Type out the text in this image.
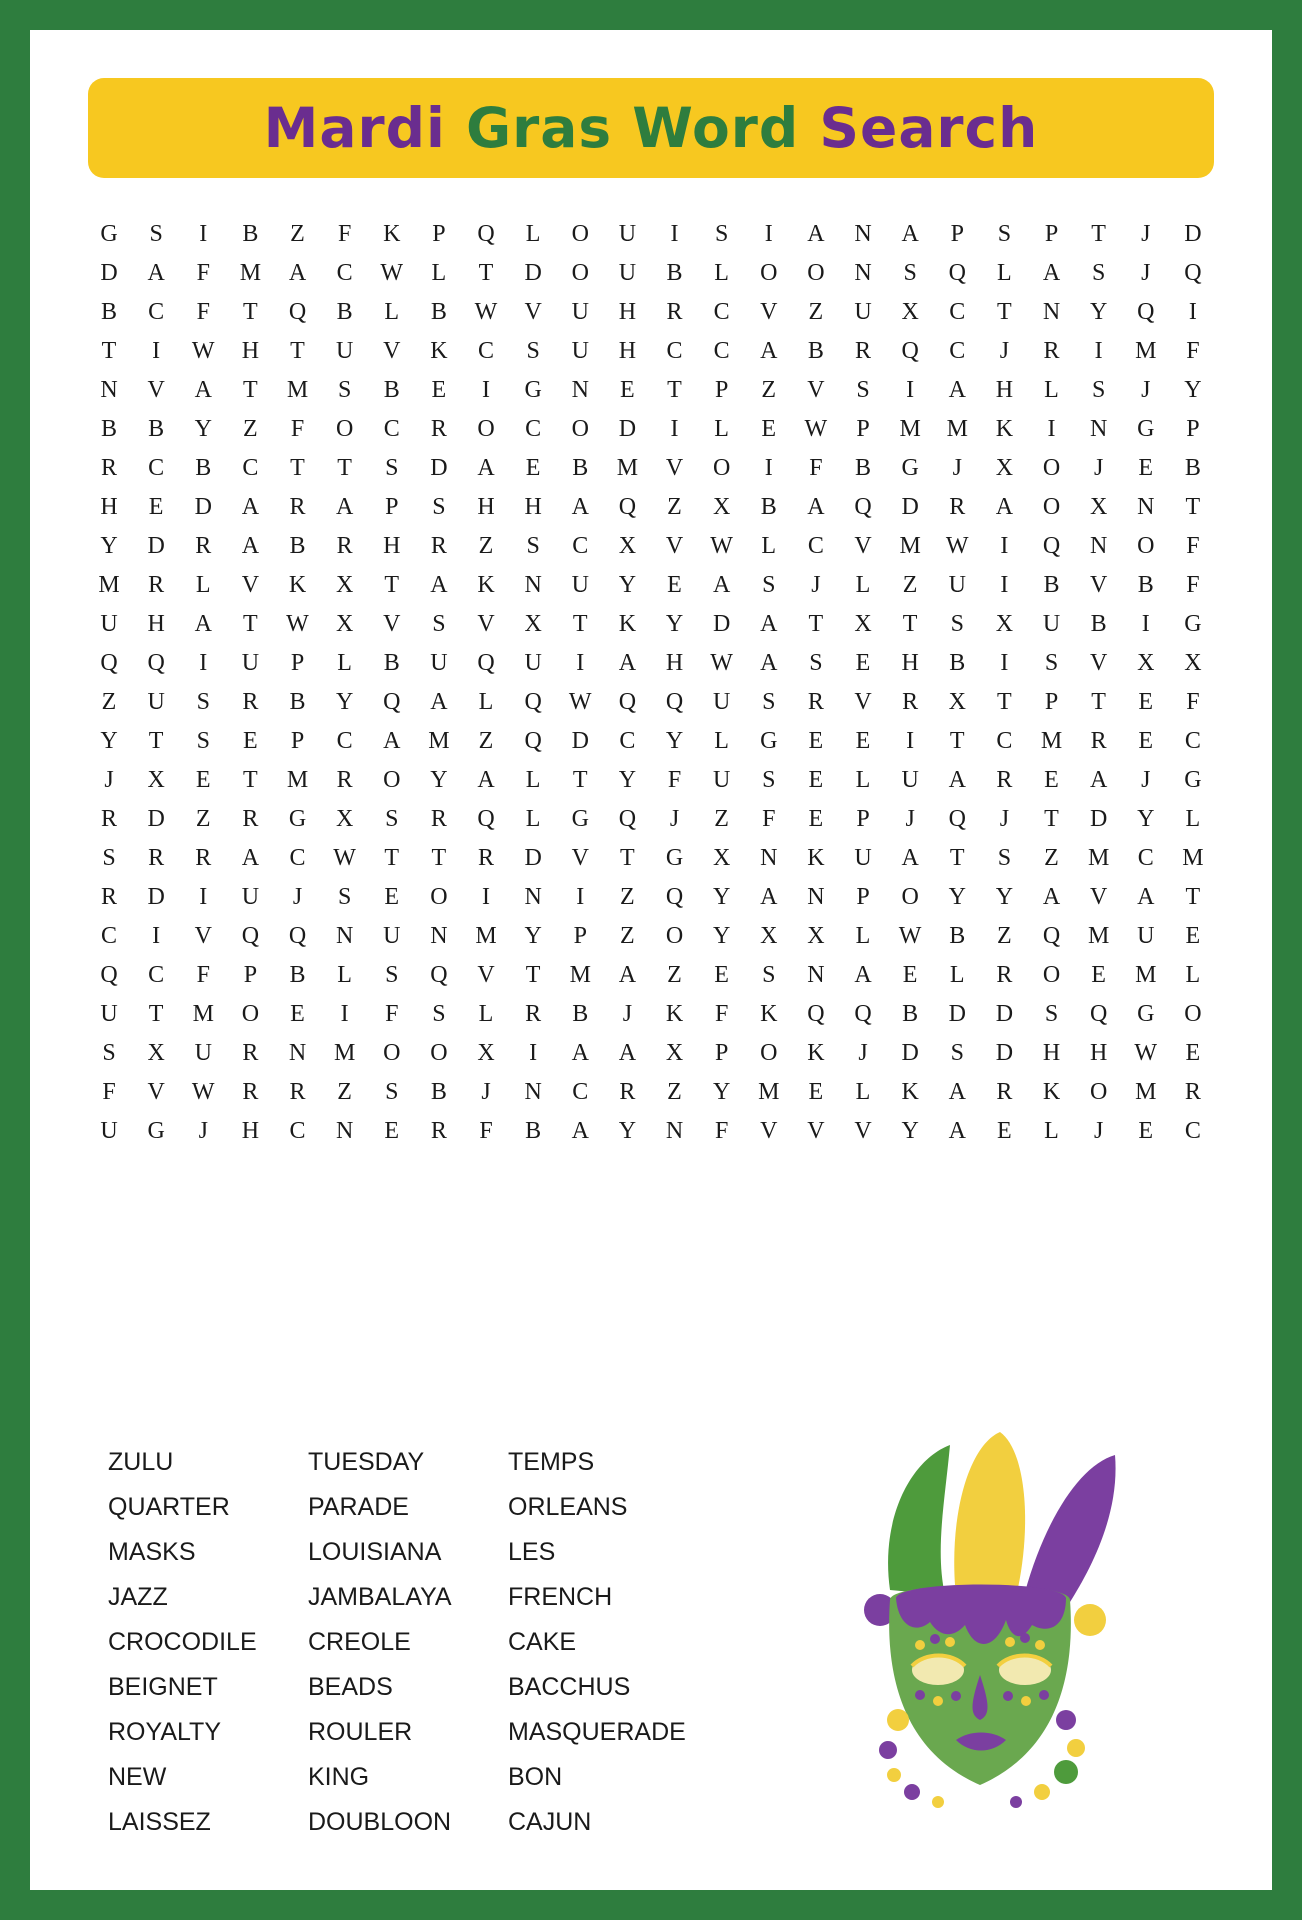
Mardi Gras Word Search
G	S	I	B	Z	F	K	P	Q	L	O	U	I	S	I	A	N	A	P	S	P	T	J	D
D	A	F	M	A	C	W	L	T	D	O	U	B	L	O	O	N	S	Q	L	A	S	J	Q
B	C	F	T	Q	B	L	B	W	V	U	H	R	C	V	Z	U	X	C	T	N	Y	Q	I
T	I	W	H	T	U	V	K	C	S	U	H	C	C	A	B	R	Q	C	J	R	I	M	F
N	V	A	T	M	S	B	E	I	G	N	E	T	P	Z	V	S	I	A	H	L	S	J	Y
B	B	Y	Z	F	O	C	R	O	C	O	D	I	L	E	W	P	M	M	K	I	N	G	P
R	C	B	C	T	T	S	D	A	E	B	M	V	O	I	F	B	G	J	X	O	J	E	B
H	E	D	A	R	A	P	S	H	H	A	Q	Z	X	B	A	Q	D	R	A	O	X	N	T
Y	D	R	A	B	R	H	R	Z	S	C	X	V	W	L	C	V	M	W	I	Q	N	O	F
M	R	L	V	K	X	T	A	K	N	U	Y	E	A	S	J	L	Z	U	I	B	V	B	F
U	H	A	T	W	X	V	S	V	X	T	K	Y	D	A	T	X	T	S	X	U	B	I	G
Q	Q	I	U	P	L	B	U	Q	U	I	A	H	W	A	S	E	H	B	I	S	V	X	X
Z	U	S	R	B	Y	Q	A	L	Q	W	Q	Q	U	S	R	V	R	X	T	P	T	E	F
Y	T	S	E	P	C	A	M	Z	Q	D	C	Y	L	G	E	E	I	T	C	M	R	E	C
J	X	E	T	M	R	O	Y	A	L	T	Y	F	U	S	E	L	U	A	R	E	A	J	G
R	D	Z	R	G	X	S	R	Q	L	G	Q	J	Z	F	E	P	J	Q	J	T	D	Y	L
S	R	R	A	C	W	T	T	R	D	V	T	G	X	N	K	U	A	T	S	Z	M	C	M
R	D	I	U	J	S	E	O	I	N	I	Z	Q	Y	A	N	P	O	Y	Y	A	V	A	T
C	I	V	Q	Q	N	U	N	M	Y	P	Z	O	Y	X	X	L	W	B	Z	Q	M	U	E
Q	C	F	P	B	L	S	Q	V	T	M	A	Z	E	S	N	A	E	L	R	O	E	M	L
U	T	M	O	E	I	F	S	L	R	B	J	K	F	K	Q	Q	B	D	D	S	Q	G	O
S	X	U	R	N	M	O	O	X	I	A	A	X	P	O	K	J	D	S	D	H	H	W	E
F	V	W	R	R	Z	S	B	J	N	C	R	Z	Y	M	E	L	K	A	R	K	O	M	R
U	G	J	H	C	N	E	R	F	B	A	Y	N	F	V	V	V	Y	A	E	L	J	E	C
ZULU
QUARTER
MASKS
JAZZ
CROCODILE
BEIGNET
ROYALTY
NEW
LAISSEZ
TUESDAY
PARADE
LOUISIANA
JAMBALAYA
CREOLE
BEADS
ROULER
KING
DOUBLOON
TEMPS
ORLEANS
LES
FRENCH
CAKE
BACCHUS
MASQUERADE
BON
CAJUN
